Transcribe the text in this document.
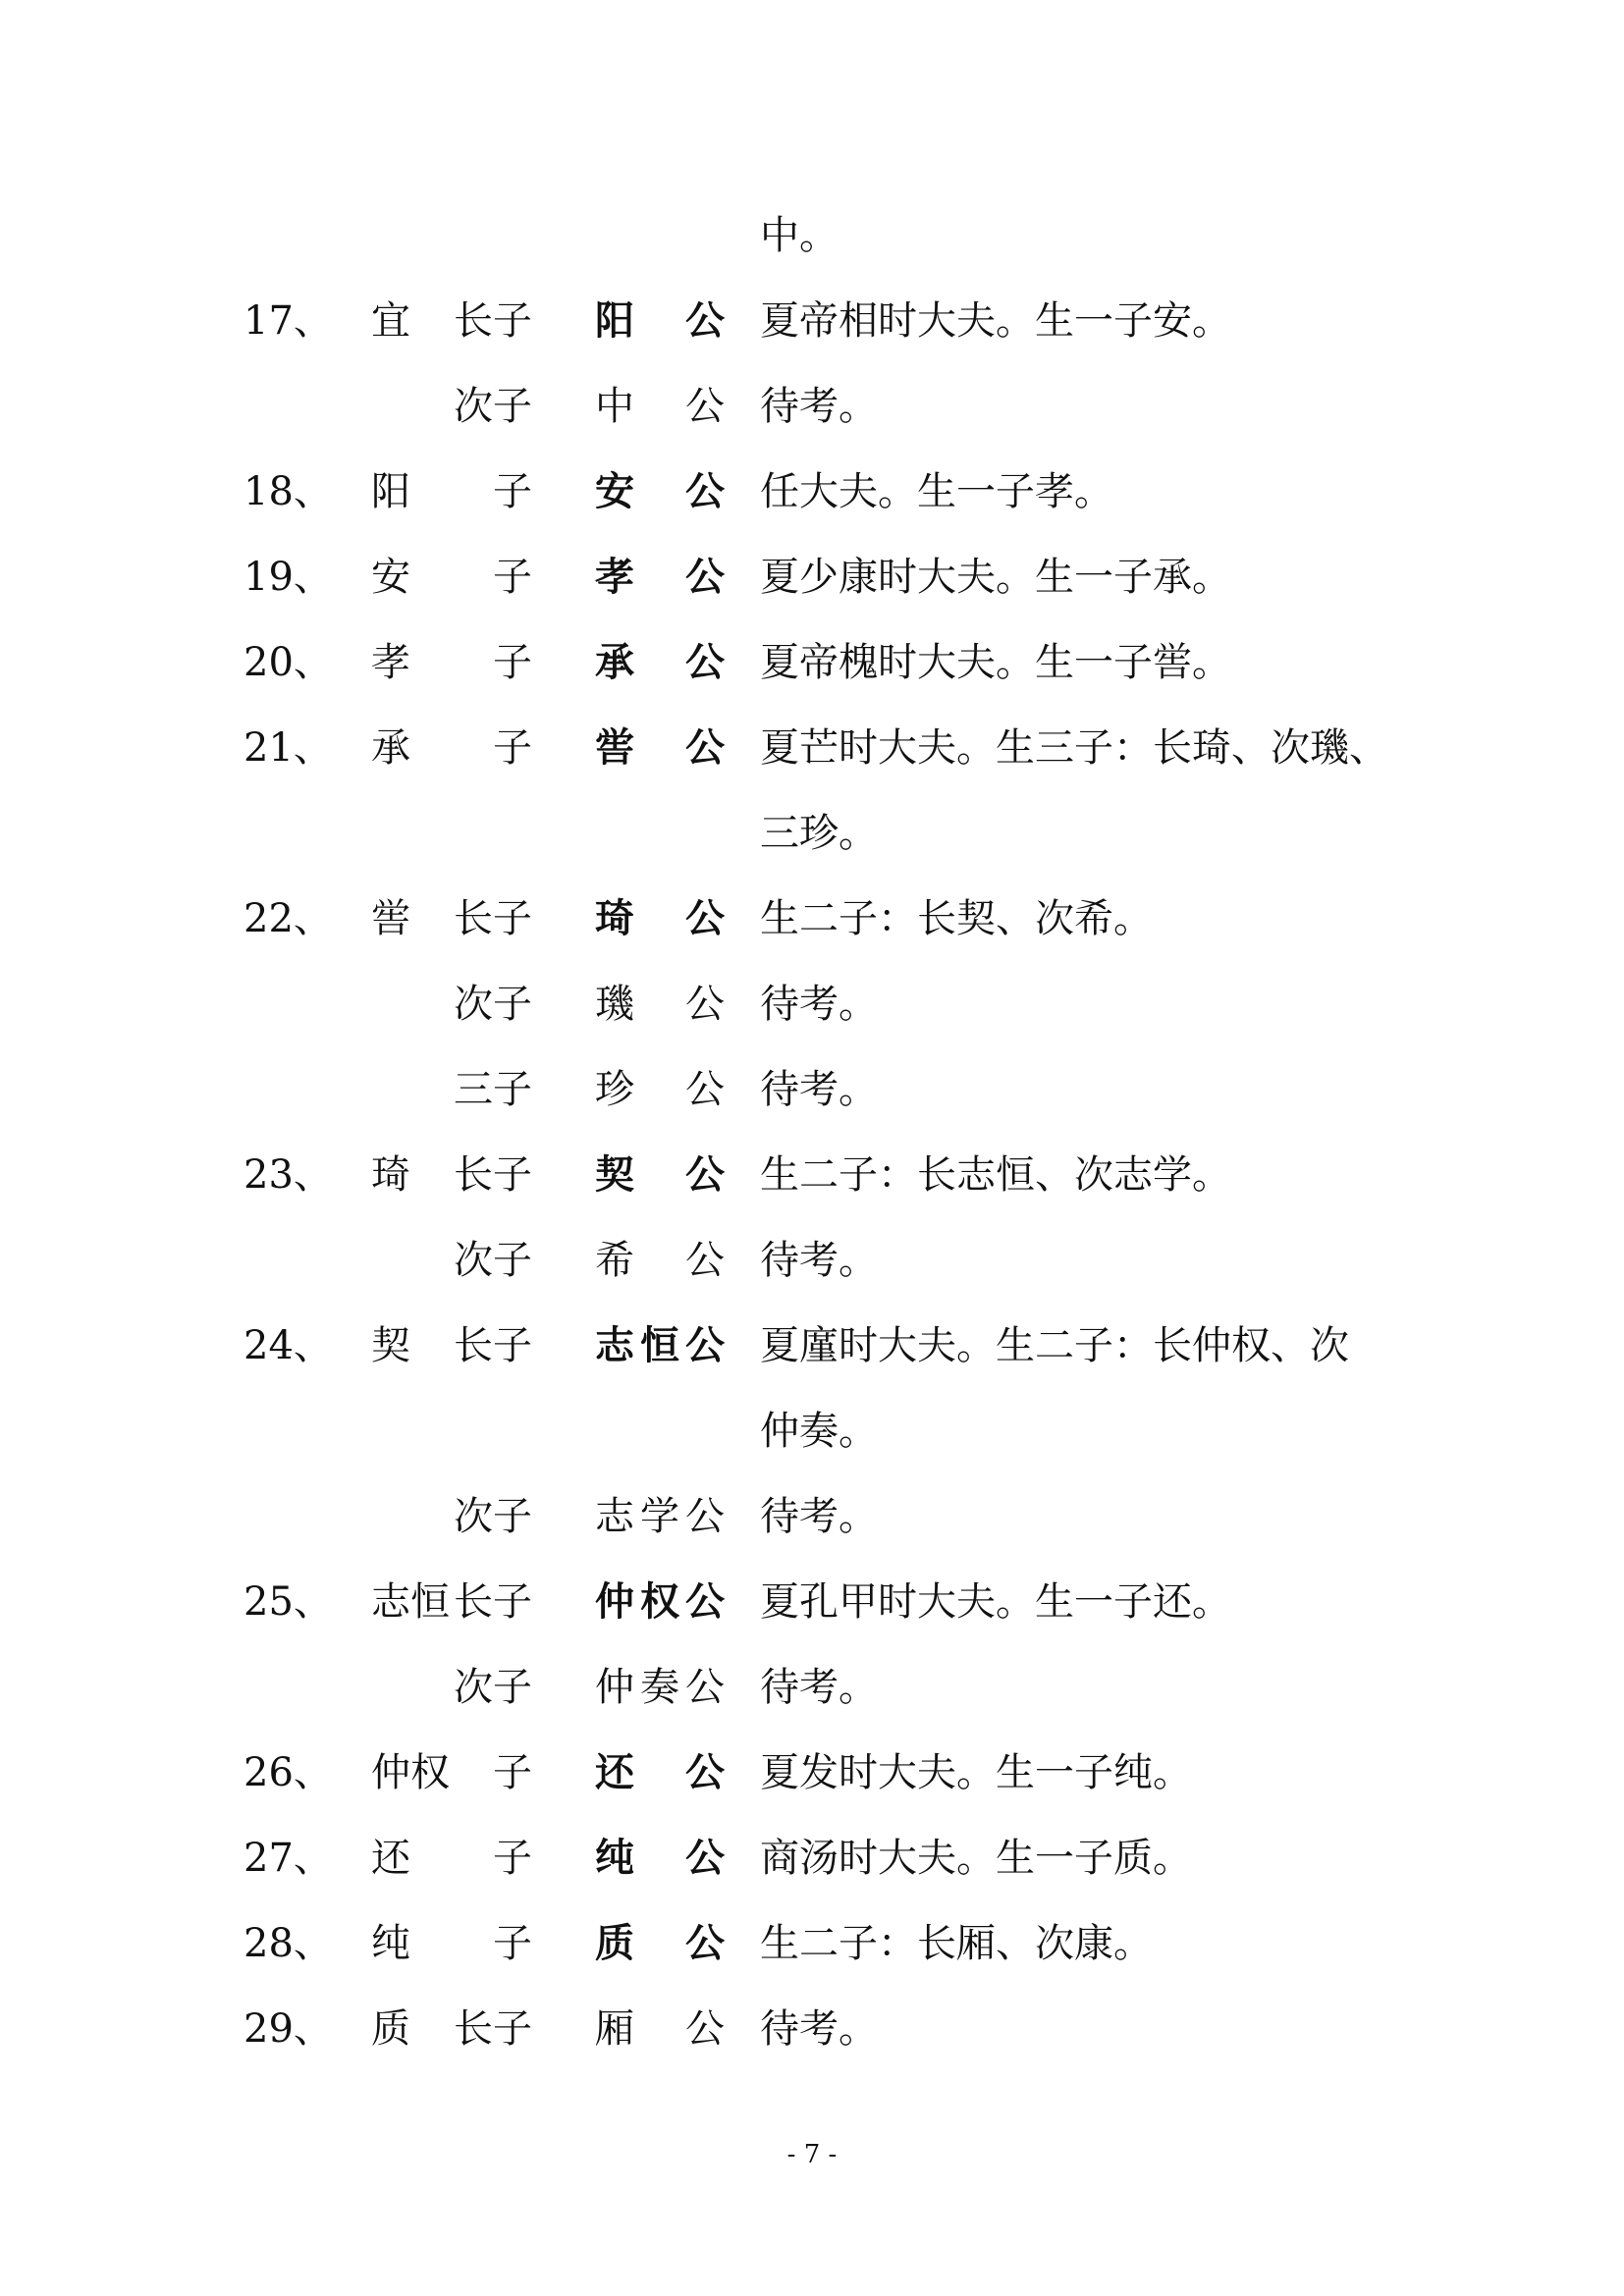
中。
17、 宜 长子 阳　公 夏帝相时大夫。生一子安。
次子 中　公 待考。
18、 阳 　子 安　公 任大夫。生一子孝。
19、 安 　子 孝　公 夏少康时大夫。生一子承。
20、 孝 　子 承　公 夏帝槐时大夫。生一子喾。
21、 承 　子 喾　公 夏芒时大夫。生三子：长琦、次璣、
三珍。
22、 喾 长子 琦　公 生二子：长契、次希。
次子 璣　公 待考。
三子 珍　公 待考。
23、 琦 长子 契　公 生二子：长志恒、次志学。
次子 希　公 待考。
24、 契 长子 志恒公 夏廑时大夫。生二子：长仲权、次
仲奏。
次子 志学公 待考。
25、 志恒 长子 仲权公 夏孔甲时大夫。生一子还。
次子 仲奏公 待考。
26、 仲权 　子 还　公 夏发时大夫。生一子纯。
27、 还 　子 纯　公 商汤时大夫。生一子质。
28、 纯 　子 质　公 生二子：长厢、次康。
29、 质 长子 厢　公 待考。
- 7 -
